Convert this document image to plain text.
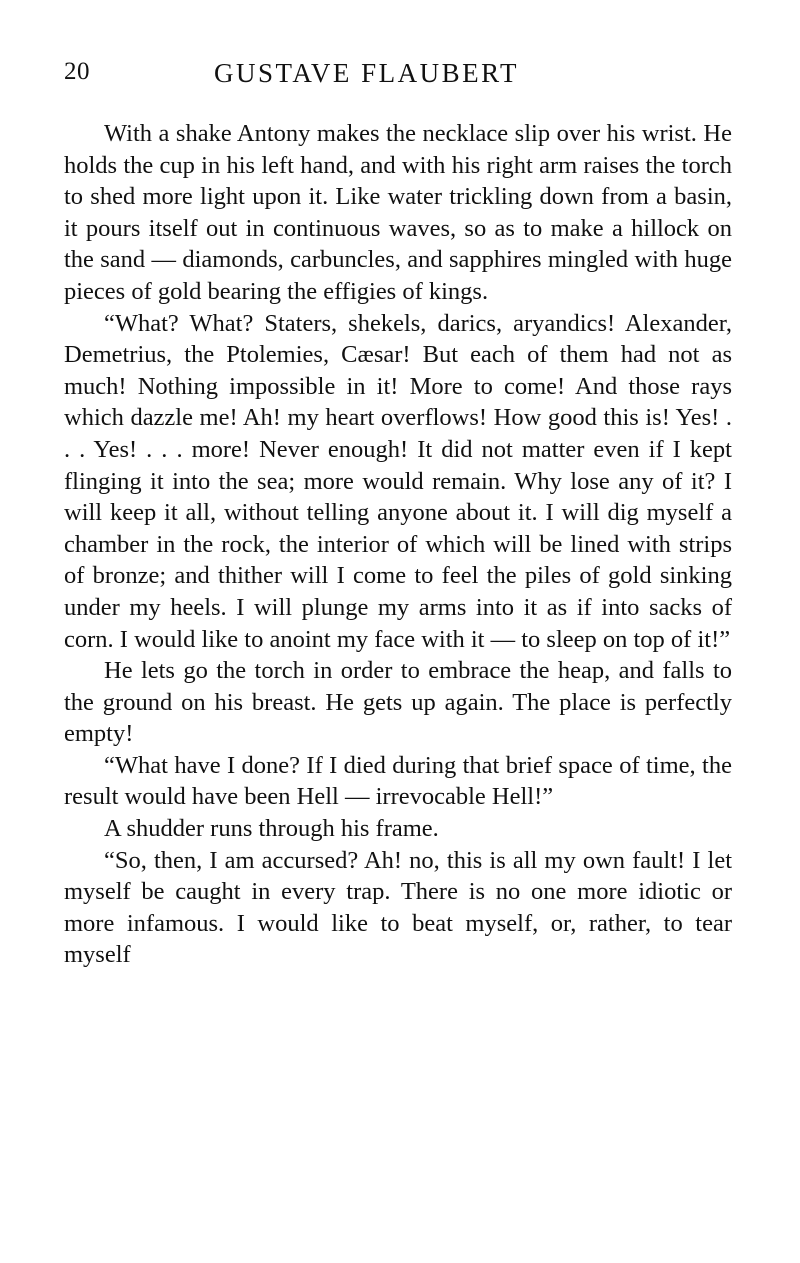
20	GUSTAVE FLAUBERT

With a shake Antony makes the necklace slip over his wrist. He holds the cup in his left hand, and with his right arm raises the torch to shed more light upon it. Like water trickling down from a basin, it pours itself out in continuous waves, so as to make a hillock on the sand — diamonds, carbuncles, and sapphires mingled with huge pieces of gold bearing the effigies of kings.

“What? What? Staters, shekels, darics, aryandics! Alexander, Demetrius, the Ptolemies, Cæsar! But each of them had not as much! Nothing impossible in it! More to come! And those rays which dazzle me! Ah! my heart overflows! How good this is! Yes! . . . Yes! . . . more! Never enough! It did not matter even if I kept flinging it into the sea; more would remain. Why lose any of it? I will keep it all, without telling anyone about it. I will dig myself a chamber in the rock, the interior of which will be lined with strips of bronze; and thither will I come to feel the piles of gold sinking under my heels. I will plunge my arms into it as if into sacks of corn. I would like to anoint my face with it — to sleep on top of it!”

He lets go the torch in order to embrace the heap, and falls to the ground on his breast. He gets up again. The place is perfectly empty!

“What have I done? If I died during that brief space of time, the result would have been Hell — irrevocable Hell!”

A shudder runs through his frame.

“So, then, I am accursed? Ah! no, this is all my own fault! I let myself be caught in every trap. There is no one more idiotic or more infamous. I would like to beat myself, or, rather, to tear myself
